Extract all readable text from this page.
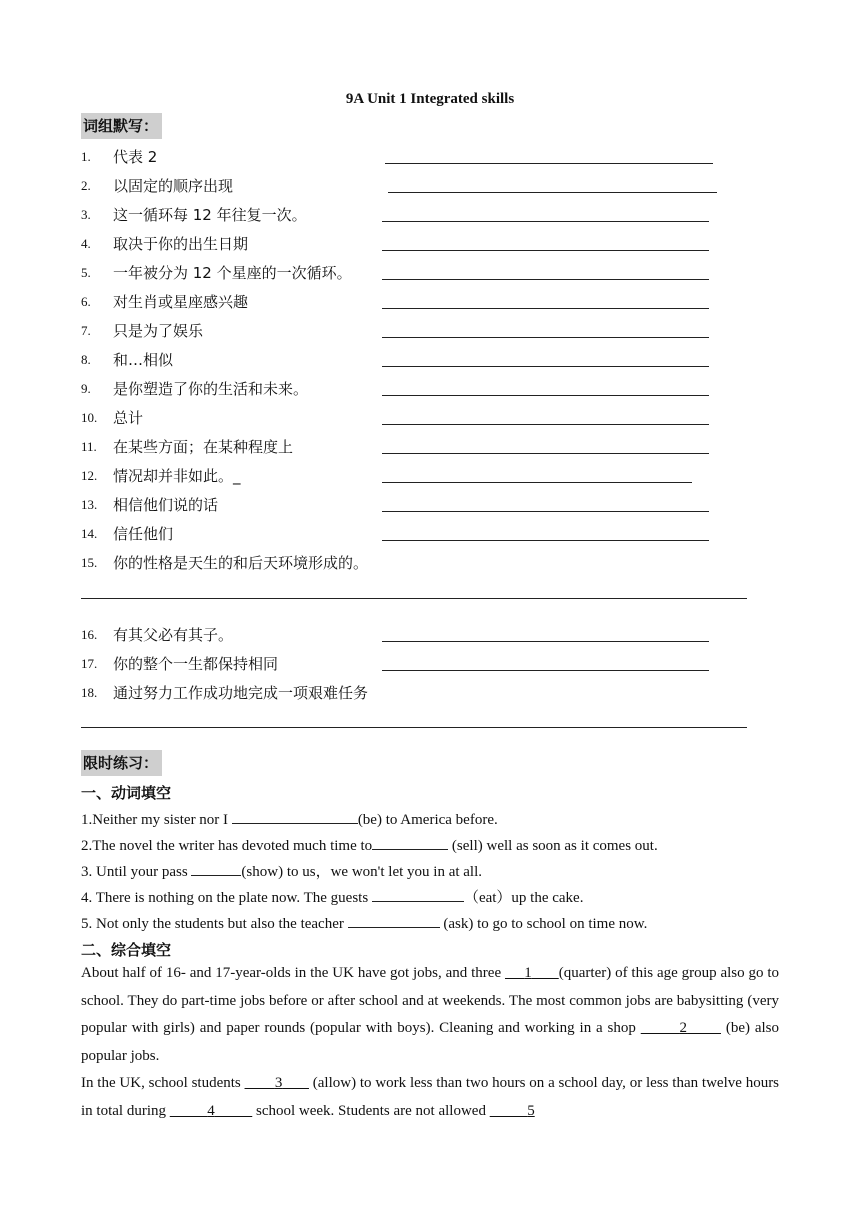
9A Unit 1 Integrated skills
词组默写：
1.	代表 2
2.	以固定的顺序出现
3.	这一循环每 12 年往复一次。
4.	取决于你的出生日期
5.	一年被分为 12 个星座的一次循环。
6.	对生肖或星座感兴趣
7.	只是为了娱乐
8.	和…相似
9.	是你塑造了你的生活和未来。
10.	总计
11.	在某些方面；在某种程度上
12.	情况却并非如此。_
13.	相信他们说的话
14.	信任他们
15.	你的性格是天生的和后天环境形成的。
16.	有其父必有其子。
17.	你的整个一生都保持相同
18.	通过努力工作成功地完成一项艰难任务
限时练习：
一、动词填空
1.Neither my sister nor I	(be) to America before.
2.The novel the writer has devoted much time to	(sell) well as soon as it comes out.
3. Until your pass	(show) to us，we won't let you in at all.
4. There is nothing on the plate now. The guests	（eat）up the cake.
5. Not only the students but also the teacher	(ask) to go to school on time now.
二、综合填空
About half of 16- and 17-year-olds in the UK have got jobs, and three      1 (quarter) of this age group also go to school. They do part-time jobs before or after school and at weekends. The most common jobs are babysitting (very popular with girls) and paper rounds (popular with boys). Cleaning and working in a shop	2        (be) also popular jobs.
In the UK, school students         3        (allow) to work less than two hours on a school day, or less than twelve hours in total during	4	school week. Students are not allowed	5
